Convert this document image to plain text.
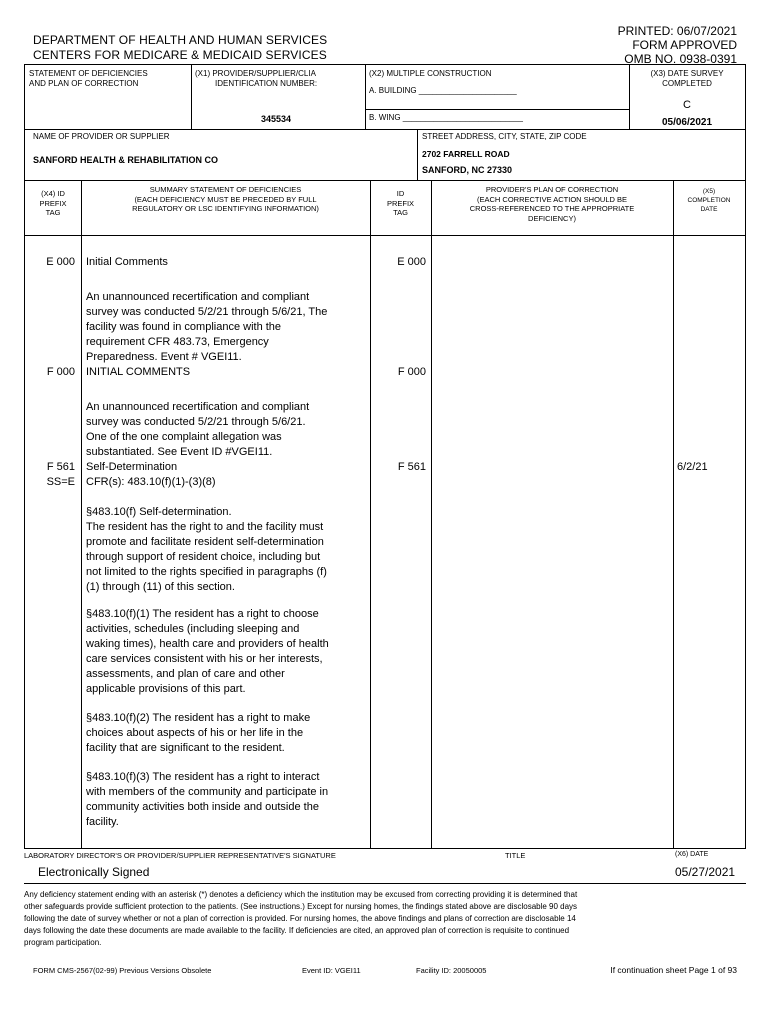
DEPARTMENT OF HEALTH AND HUMAN SERVICES
CENTERS FOR MEDICARE & MEDICAID SERVICES
PRINTED: 06/07/2021
FORM APPROVED
OMB NO. 0938-0391
STATEMENT OF DEFICIENCIES
AND PLAN OF CORRECTION
(X1) PROVIDER/SUPPLIER/CLIA
IDENTIFICATION NUMBER:
345534
(X2) MULTIPLE CONSTRUCTION
A. BUILDING ______________________
B. WING ___________________________
(X3) DATE SURVEY
COMPLETED
C
05/06/2021
NAME OF PROVIDER OR SUPPLIER
SANFORD HEALTH & REHABILITATION CO
STREET ADDRESS, CITY, STATE, ZIP CODE
2702 FARRELL ROAD
SANFORD, NC 27330
(X4) ID
PREFIX
TAG
SUMMARY STATEMENT OF DEFICIENCIES
(EACH DEFICIENCY MUST BE PRECEDED BY FULL
REGULATORY OR LSC IDENTIFYING INFORMATION)
ID
PREFIX
TAG
PROVIDER'S PLAN OF CORRECTION
(EACH CORRECTIVE ACTION SHOULD BE
CROSS-REFERENCED TO THE APPROPRIATE
DEFICIENCY)
(X5)
COMPLETION
DATE
E 000 Initial Comments	E 000
An unannounced recertification and compliant
survey was conducted 5/2/21 through 5/6/21, The
facility was found in compliance with the
requirement CFR 483.73, Emergency
Preparedness. Event # VGEI11.
F 000 INITIAL COMMENTS	F 000
An unannounced recertification and compliant
survey was conducted 5/2/21 through 5/6/21.
One of the one complaint allegation was
substantiated. See Event ID #VGEI11.
F 561
SS=E
Self-Determination
CFR(s): 483.10(f)(1)-(3)(8)
F 561	6/2/21
§483.10(f) Self-determination.
The resident has the right to and the facility must
promote and facilitate resident self-determination
through support of resident choice, including but
not limited to the rights specified in paragraphs (f)
(1) through (11) of this section.
§483.10(f)(1) The resident has a right to choose
activities, schedules (including sleeping and
waking times), health care and providers of health
care services consistent with his or her interests,
assessments, and plan of care and other
applicable provisions of this part.
§483.10(f)(2) The resident has a right to make
choices about aspects of his or her life in the
facility that are significant to the resident.
§483.10(f)(3) The resident has a right to interact
with members of the community and participate in
community activities both inside and outside the
facility.
LABORATORY DIRECTOR'S OR PROVIDER/SUPPLIER REPRESENTATIVE'S SIGNATURE	TITLE	(X6) DATE
Electronically Signed	05/27/2021
Any deficiency statement ending with an asterisk (*) denotes a deficiency which the institution may be excused from correcting providing it is determined that
other safeguards provide sufficient protection to the patients. (See instructions.) Except for nursing homes, the findings stated above are disclosable 90 days
following the date of survey whether or not a plan of correction is provided. For nursing homes, the above findings and plans of correction are disclosable 14
days following the date these documents are made available to the facility. If deficiencies are cited, an approved plan of correction is requisite to continued
program participation.
FORM CMS-2567(02-99) Previous Versions Obsolete	Event ID: VGEI11	Facility ID: 20050005	If continuation sheet Page 1 of 93
